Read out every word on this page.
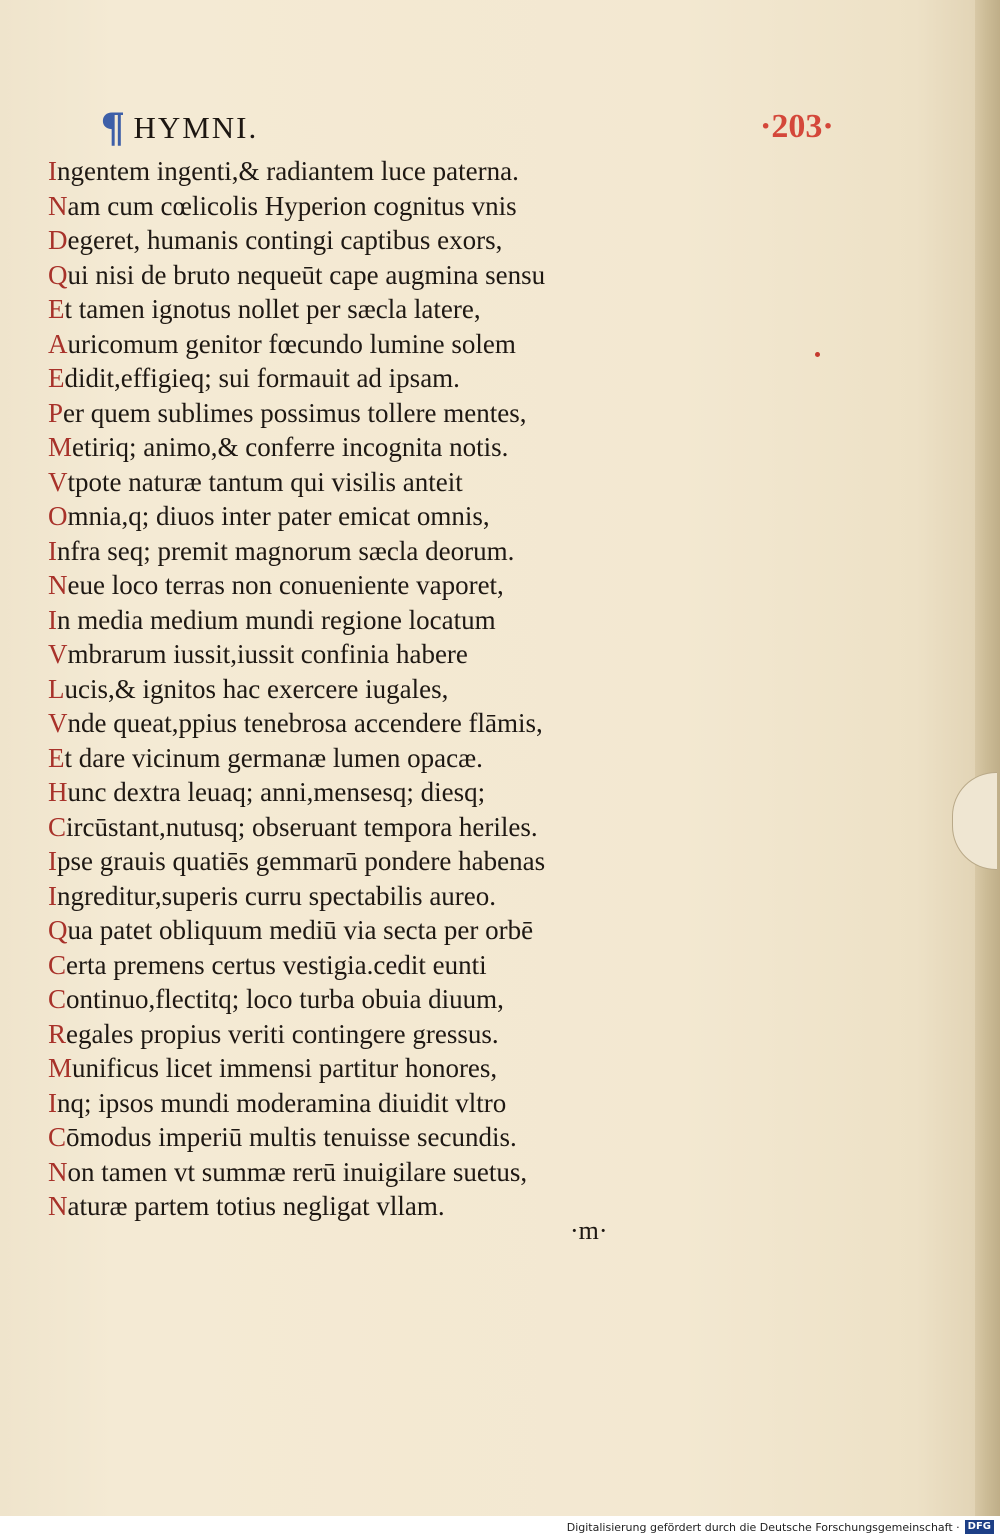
¶ HYMNI.	·203·
Ingentem ingenti,& radiantem luce paterna.
Nam cum cœlicolis Hyperion cognitus vnis
Degeret, humanis contingi captibus exors,
Qui nisi de bruto nequeūt cape augmina sensu
Et tamen ignotus nollet per sæcla latere,
Auricomum genitor fœcundo lumine solem
Edidit,effigieq; sui formauit ad ipsam.
Per quem sublimes possimus tollere mentes,
Metiriq; animo,& conferre incognita notis.
Vtpote naturæ tantum qui visilis anteit
Omnia,q; diuos inter pater emicat omnis,
Infra seq; premit magnorum sæcla deorum.
Neue loco terras non conueniente vaporet,
In media medium mundi regione locatum
Vmbrarum iussit,iussit confinia habere
Lucis,& ignitos hac exercere iugales,
Vnde queat,ppius tenebrosa accendere flāmis,
Et dare vicinum germanæ lumen opacæ.
Hunc dextra leuaq; anni,mensesq; diesq;
Circūstant,nutusq; obseruant tempora heriles.
Ipse grauis quatiēs gemmarū pondere habenas
Ingreditur,superis curru spectabilis aureo.
Qua patet obliquum mediū via secta per orbē
Certa premens certus vestigia.cedit eunti
Continuo,flectitq; loco turba obuia diuum,
Regales propius veriti contingere gressus.
Munificus licet immensi partitur honores,
Inq; ipsos mundi moderamina diuidit vltro
Cōmodus imperiū multis tenuisse secundis.
Non tamen vt summæ rerū inuigilare suetus,
Naturæ partem totius negligat vllam.
·m·
Digitalisierung gefördert durch die Deutsche Forschungsgemeinschaft · DFG
